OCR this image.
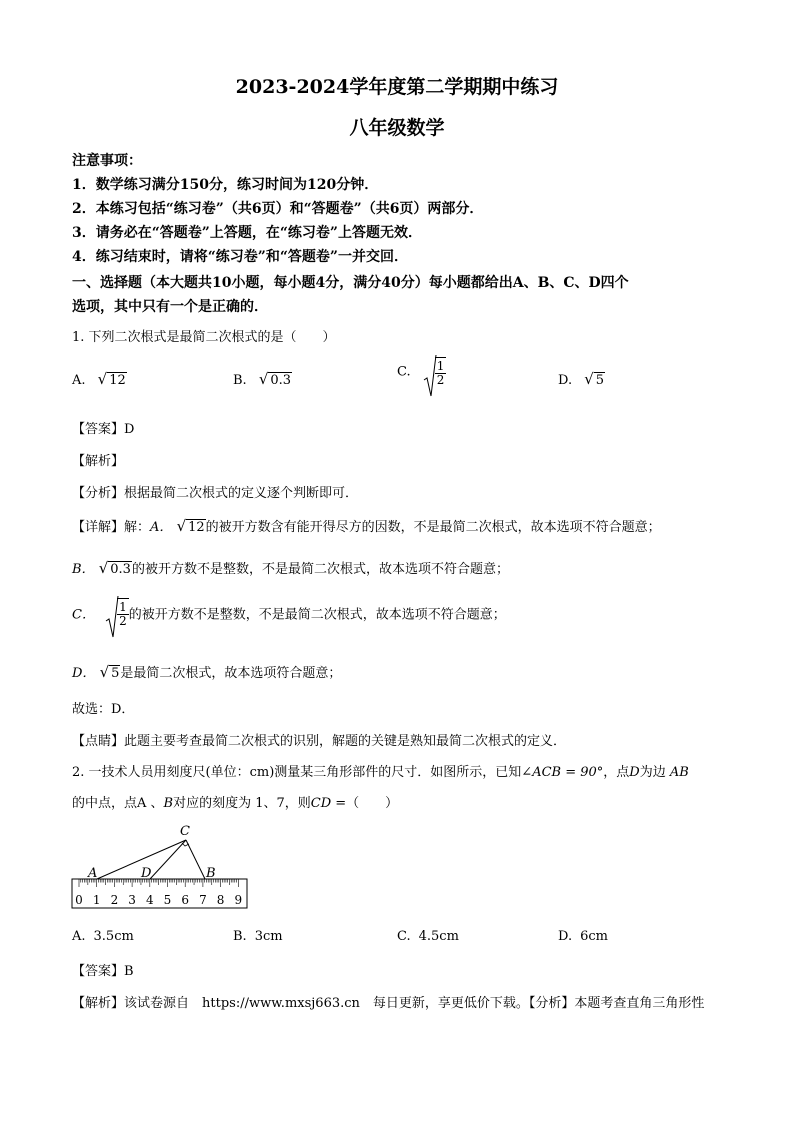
2023-2024学年度第二学期期中练习
八年级数学
注意事项：
1．数学练习满分150分，练习时间为120分钟．
2．本练习包括“练习卷”（共6页）和“答题卷”（共6页）两部分．
3．请务必在“答题卷”上答题，在“练习卷”上答题无效．
4．练习结束时，请将“练习卷”和“答题卷”一并交回．
一、选择题（本大题共10小题，每小题4分，满分40分）每小题都给出A、B、C、D四个
选项，其中只有一个是正确的．
1. 下列二次根式是最简二次根式的是（　　）
A. √ 12	B. √ 0.3
C. $\frac{1}{2}$	D. √ 5
【答案】D
【解析】
【分析】根据最简二次根式的定义逐个判断即可．
【详解】解：A． √ 12的被开方数含有能开得尽方的因数，不是最简二次根式，故本选项不符合题意；
B． √ 0.3的被开方数不是整数，不是最简二次根式，故本选项不符合题意；
C． $\frac{1}{2}$ 的被开方数不是整数，不是最简二次根式，故本选项不符合题意；
D． √ 5是最简二次根式，故本选项符合题意；
故选：D．
【点睛】此题主要考查最简二次根式的识别，解题的关键是熟知最简二次根式的定义．
2. 一技术人员用刻度尺(单位：cm)测量某三角形部件的尺寸．如图所示，已知∠ACB = 90°，点D为边 AB
的中点，点A 、B对应的刻度为 1、7，则CD =（　　）
0 1 2 3 4 5 6 7 8 9
A	D
C
B
A. 3.5cm	B. 3cm	C. 4.5cm	D. 6cm
【答案】B
【解析】该试卷源自　https://www.mxsj663.cn　每日更新，享更低价下载。【分析】本题考查直角三角形性
